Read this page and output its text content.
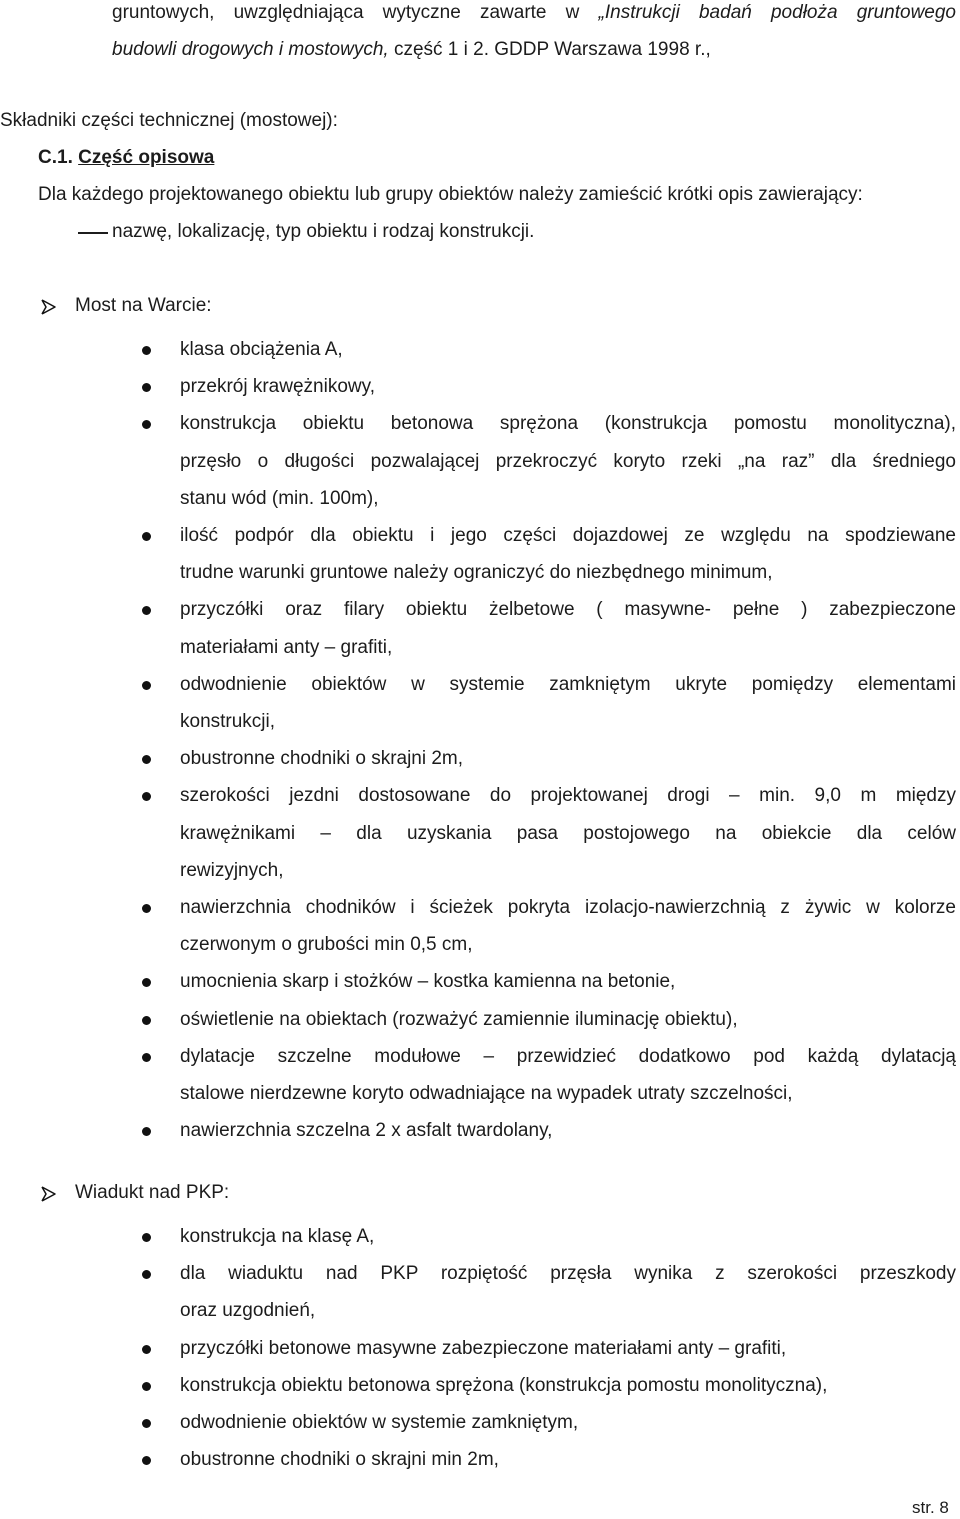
gruntowych, uwzględniająca wytyczne zawarte w „Instrukcji badań podłoża gruntowego
budowli drogowych i mostowych, część 1 i 2. GDDP Warszawa 1998 r.,
Składniki części technicznej (mostowej):
C.1. Część opisowa
Dla każdego projektowanego obiektu lub grupy obiektów należy zamieścić krótki opis zawierający:
nazwę, lokalizację, typ obiektu i rodzaj konstrukcji.
Most na Warcie:
klasa obciążenia A,
przekrój krawężnikowy,
konstrukcja obiektu betonowa sprężona (konstrukcja pomostu monolityczna),
przęsło o długości pozwalającej przekroczyć koryto rzeki „na raz” dla średniego
stanu wód (min. 100m),
ilość podpór dla obiektu i jego części dojazdowej ze względu na spodziewane
trudne warunki gruntowe należy ograniczyć do niezbędnego minimum,
przyczółki oraz filary obiektu żelbetowe ( masywne- pełne ) zabezpieczone
materiałami anty – grafiti,
odwodnienie obiektów w systemie zamkniętym ukryte pomiędzy elementami
konstrukcji,
obustronne chodniki o skrajni 2m,
szerokości jezdni dostosowane do projektowanej drogi – min. 9,0 m między
krawężnikami – dla uzyskania pasa postojowego na obiekcie dla celów
rewizyjnych,
nawierzchnia chodników i ścieżek pokryta izolacjo-nawierzchnią z żywic w kolorze
czerwonym o grubości min 0,5 cm,
umocnienia skarp i stożków – kostka kamienna na betonie,
oświetlenie na obiektach (rozważyć zamiennie iluminację obiektu),
dylatacje szczelne modułowe – przewidzieć dodatkowo pod każdą dylatacją
stalowe nierdzewne koryto odwadniające na wypadek utraty szczelności,
nawierzchnia szczelna 2 x asfalt twardolany,
Wiadukt nad PKP:
konstrukcja na klasę A,
dla wiaduktu nad PKP rozpiętość przęsła wynika z szerokości przeszkody
oraz uzgodnień,
przyczółki betonowe masywne zabezpieczone materiałami anty – grafiti,
konstrukcja obiektu betonowa sprężona (konstrukcja pomostu monolityczna),
odwodnienie obiektów w systemie zamkniętym,
obustronne chodniki o skrajni min 2m,
str. 8
